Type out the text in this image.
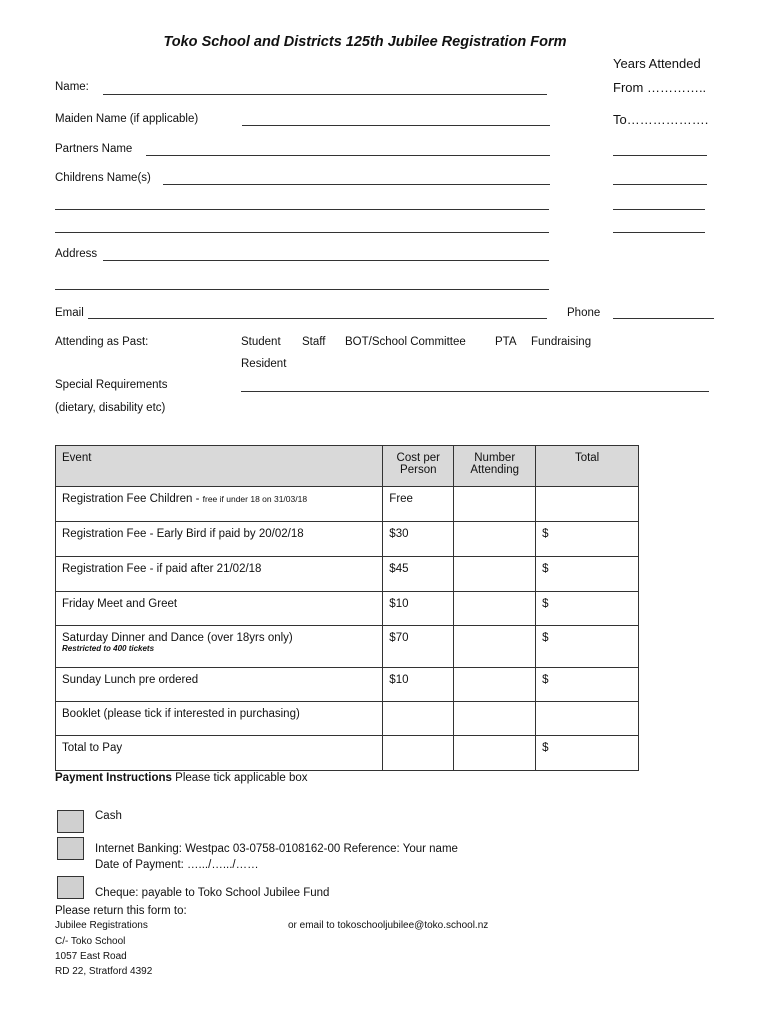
Toko School and Districts 125th Jubilee Registration Form
Years Attended
From …………..
To……………….
Name:
Maiden Name (if applicable)
Partners Name
Childrens Name(s)
Address
Email	Phone
Attending as Past:	Student Staff BOT/School Committee	PTA Fundraising
Resident
Special Requirements
(dietary, disability etc)
Event	Cost per Person	Number Attending	Total
Registration Fee Children - free if under 18 on 31/03/18	Free		
Registration Fee - Early Bird if paid by 20/02/18	$30		$
Registration Fee - if paid after 21/02/18	$45		$
Friday Meet and Greet	$10		$
Saturday Dinner and Dance (over 18yrs only)
Restricted to 400 tickets	$70		$
Sunday Lunch pre ordered	$10		$
Booklet (please tick if interested in purchasing)			
Total to Pay			$
Payment Instructions Please tick applicable box
Cash
Internet Banking: Westpac 03-0758-0108162-00 Reference: Your name
Date of Payment: ….../….../……
Cheque: payable to Toko School Jubilee Fund
Please return this form to:
Jubilee Registrations
C/- Toko School
1057 East Road
RD 22, Stratford 4392
or email to tokoschooljubilee@toko.school.nz
